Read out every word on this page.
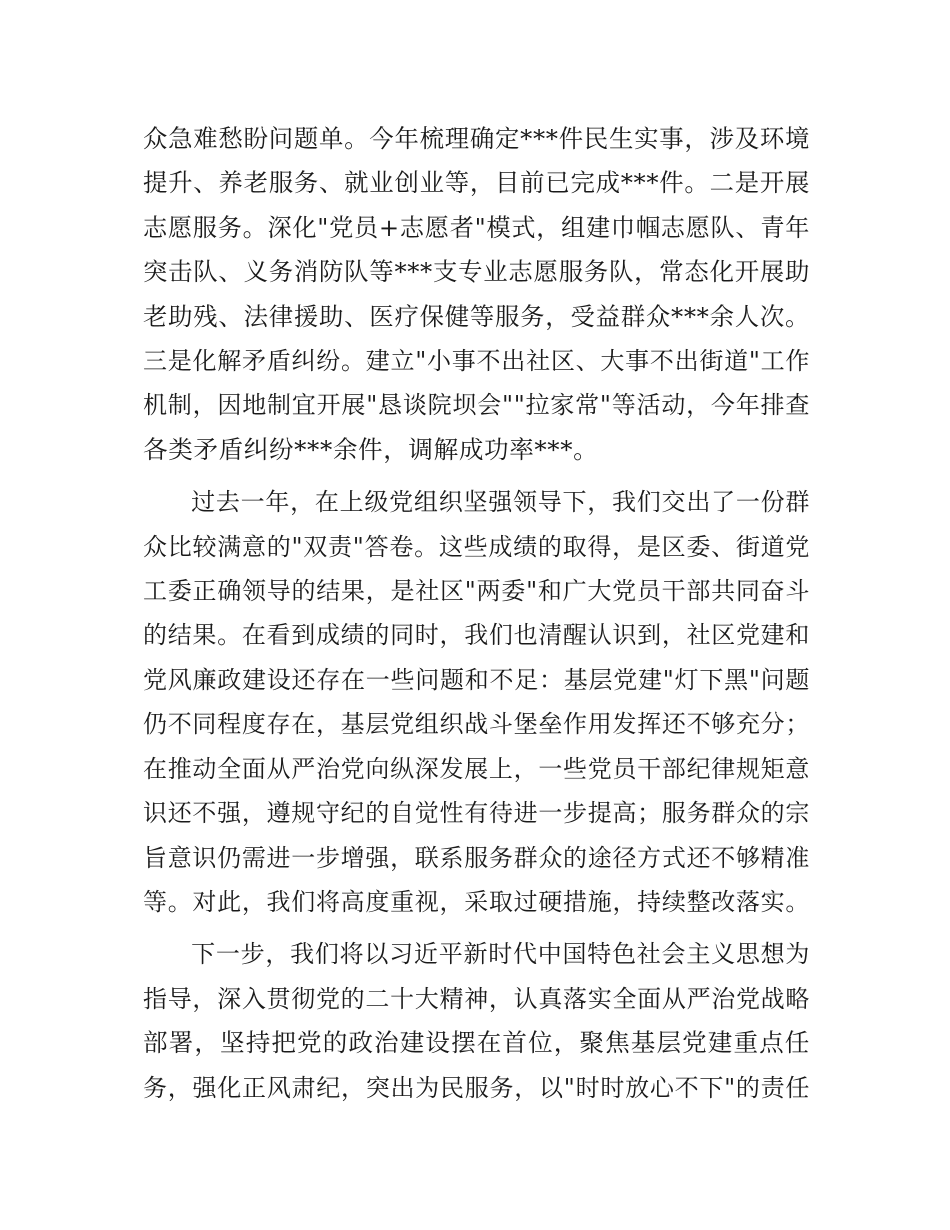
众急难愁盼问题单。今年梳理确定***件民生实事，涉及环境
提升、养老服务、就业创业等，目前已完成***件。二是开展
志愿服务。深化"党员+志愿者"模式，组建巾帼志愿队、青年
突击队、义务消防队等***支专业志愿服务队，常态化开展助
老助残、法律援助、医疗保健等服务，受益群众***余人次。
三是化解矛盾纠纷。建立"小事不出社区、大事不出街道"工作
机制，因地制宜开展"恳谈院坝会""拉家常"等活动，今年排查
各类矛盾纠纷***余件，调解成功率***。
过去一年，在上级党组织坚强领导下，我们交出了一份群
众比较满意的"双责"答卷。这些成绩的取得，是区委、街道党
工委正确领导的结果，是社区"两委"和广大党员干部共同奋斗
的结果。在看到成绩的同时，我们也清醒认识到，社区党建和
党风廉政建设还存在一些问题和不足：基层党建"灯下黑"问题
仍不同程度存在，基层党组织战斗堡垒作用发挥还不够充分；
在推动全面从严治党向纵深发展上，一些党员干部纪律规矩意
识还不强，遵规守纪的自觉性有待进一步提高；服务群众的宗
旨意识仍需进一步增强，联系服务群众的途径方式还不够精准
等。对此，我们将高度重视，采取过硬措施，持续整改落实。
下一步，我们将以习近平新时代中国特色社会主义思想为
指导，深入贯彻党的二十大精神，认真落实全面从严治党战略
部署，坚持把党的政治建设摆在首位，聚焦基层党建重点任
务，强化正风肃纪，突出为民服务，以"时时放心不下"的责任
